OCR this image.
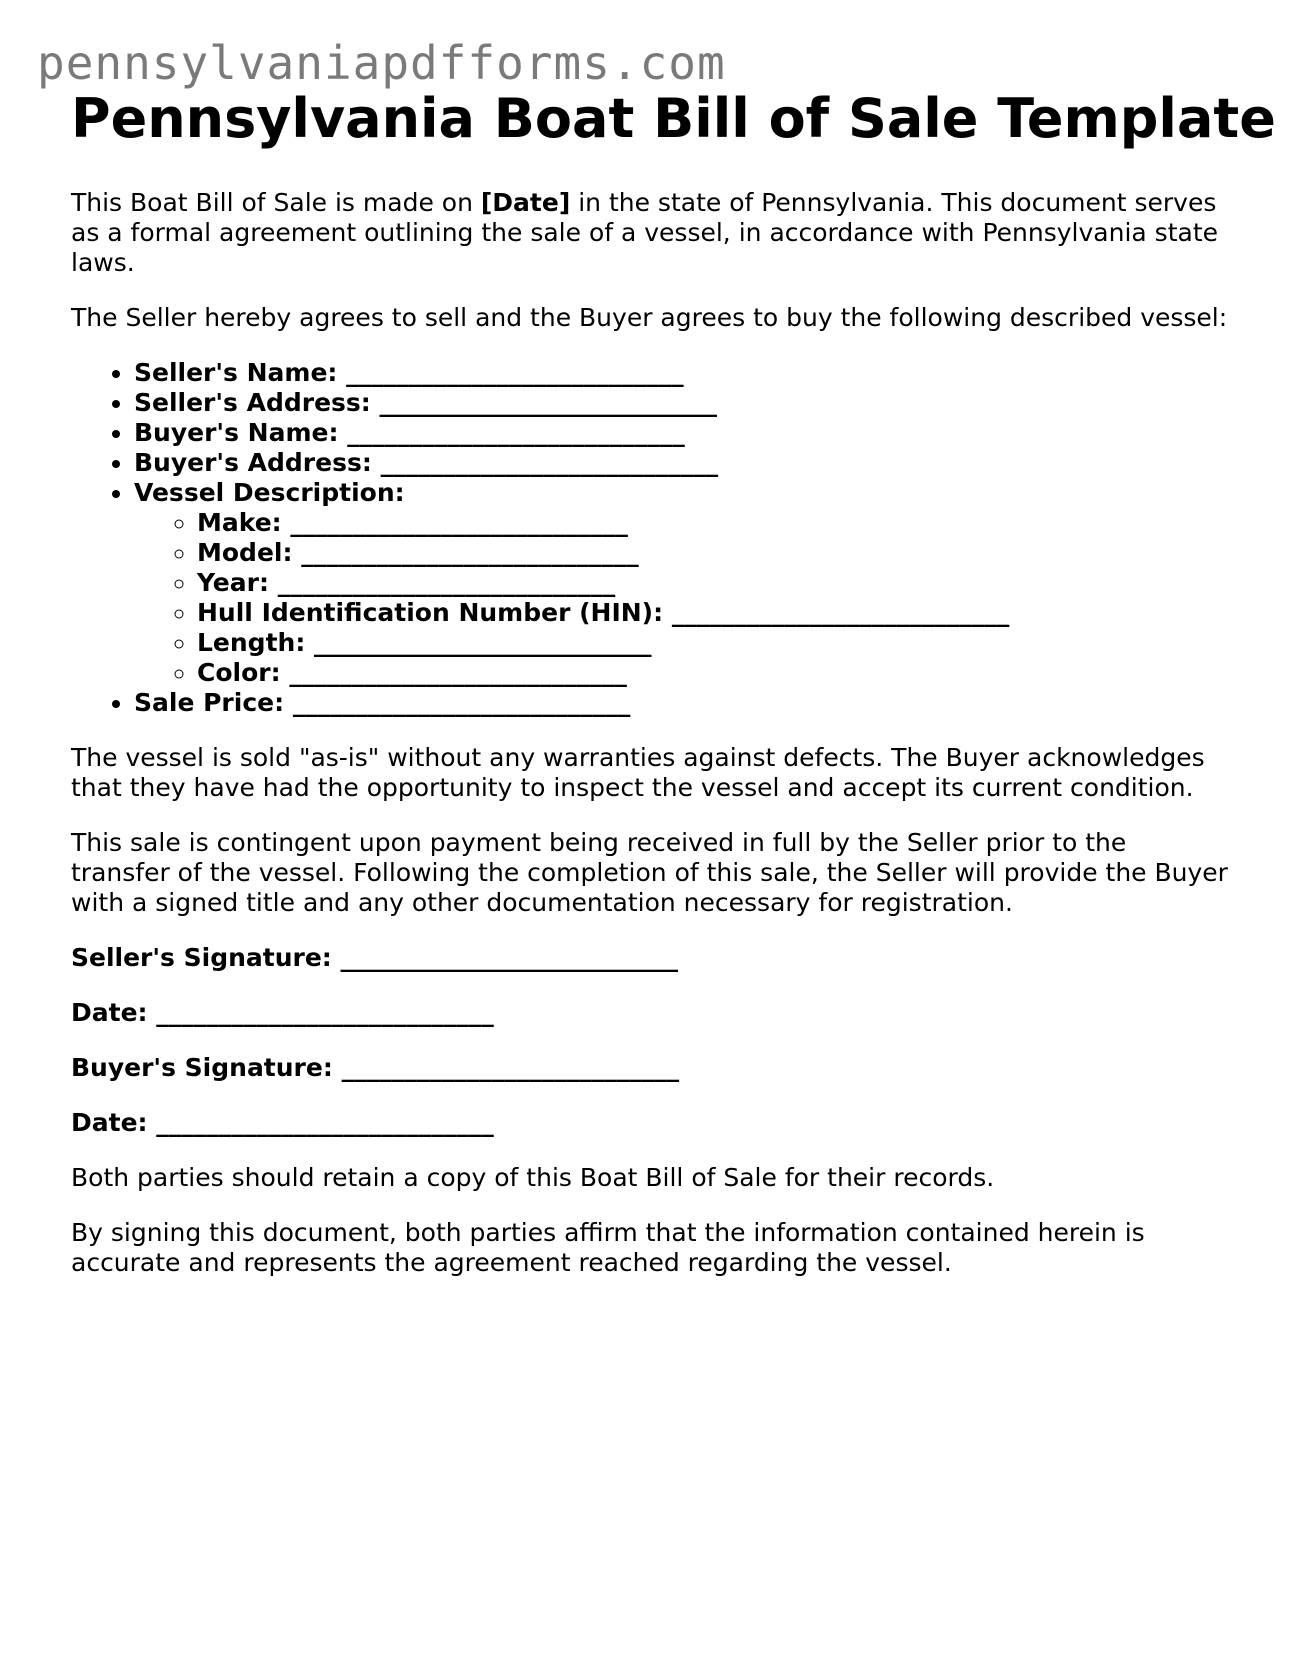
pennsylvaniapdfforms.com
Pennsylvania Boat Bill of Sale Template

This Boat Bill of Sale is made on [Date] in the state of Pennsylvania. This document serves as a formal agreement outlining the sale of a vessel, in accordance with Pennsylvania state laws.

The Seller hereby agrees to sell and the Buyer agrees to buy the following described vessel:

• Seller's Name: ___________________________
• Seller's Address: ___________________________
• Buyer's Name: ___________________________
• Buyer's Address: ___________________________
• Vessel Description:
◦ Make: ___________________________
◦ Model: ___________________________
◦ Year: ___________________________
◦ Hull Identification Number (HIN): ___________________________
◦ Length: ___________________________
◦ Color: ___________________________
• Sale Price: ___________________________

The vessel is sold "as-is" without any warranties against defects. The Buyer acknowledges that they have had the opportunity to inspect the vessel and accept its current condition.

This sale is contingent upon payment being received in full by the Seller prior to the transfer of the vessel. Following the completion of this sale, the Seller will provide the Buyer with a signed title and any other documentation necessary for registration.

Seller's Signature: ___________________________
Date: ___________________________
Buyer's Signature: ___________________________
Date: ___________________________

Both parties should retain a copy of this Boat Bill of Sale for their records.

By signing this document, both parties affirm that the information contained herein is accurate and represents the agreement reached regarding the vessel.
